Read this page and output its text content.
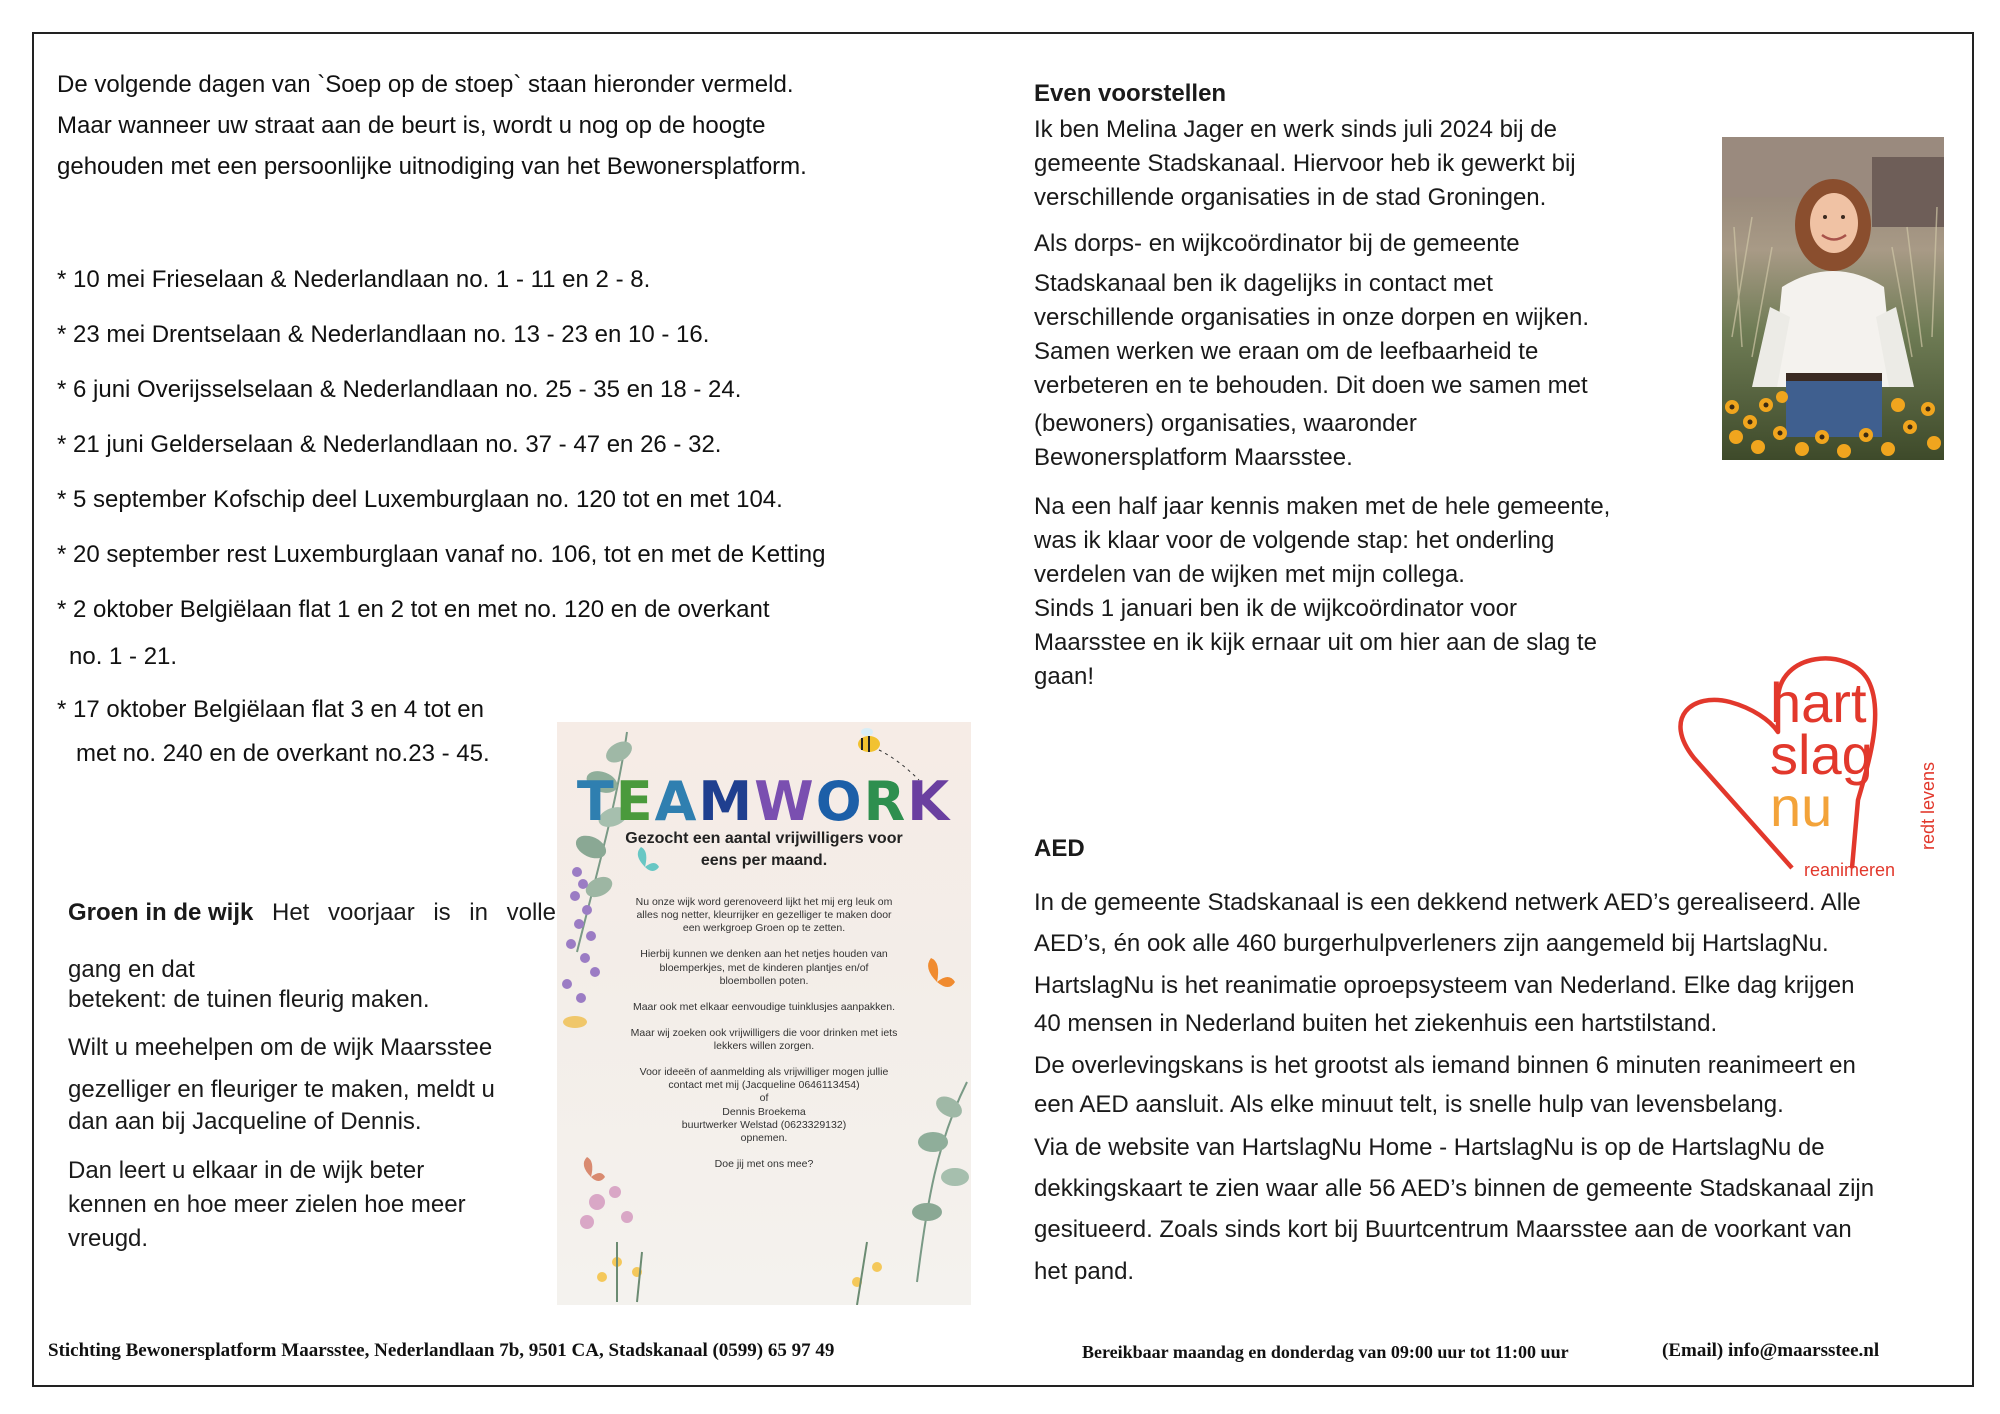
De volgende dagen van `Soep op de stoep` staan hieronder vermeld.
Maar wanneer uw straat aan de beurt is, wordt u nog op de hoogte
gehouden met een persoonlijke uitnodiging van het Bewonersplatform.
* 10 mei Frieselaan & Nederlandlaan no. 1 - 11 en 2 - 8.
* 23 mei Drentselaan & Nederlandlaan no. 13 - 23 en 10 - 16.
* 6 juni Overijsselselaan & Nederlandlaan no. 25 - 35 en 18 - 24.
* 21 juni Gelderselaan & Nederlandlaan no. 37 - 47 en 26 - 32.
* 5 september Kofschip deel Luxemburglaan no. 120 tot en met 104.
* 20 september rest Luxemburglaan vanaf no. 106, tot en met de Ketting
* 2 oktober Belgiëlaan flat 1 en 2 tot en met no. 120 en de overkant
no. 1 - 21.
* 17 oktober Belgiëlaan flat 3 en 4 tot en
met no. 240 en de overkant no.23 - 45.

Groen in de wijk Het voorjaar is in volle

gang en dat

betekent: de tuinen fleurig maken.

Wilt u meehelpen om de wijk Maarsstee

gezelliger en fleuriger te maken, meldt u

dan aan bij Jacqueline of Dennis.

Dan leert u elkaar in de wijk beter

kennen en hoe meer zielen hoe meer

vreugd.

TEAMWORK
Gezocht een aantal vrijwilligers voor
eens per maand.
Nu onze wijk word gerenoveerd lijkt het mij erg leuk om
alles nog netter, kleurrijker en gezelliger te maken door
een werkgroep Groen op te zetten.
Hierbij kunnen we denken aan het netjes houden van
bloemperkjes, met de kinderen plantjes en/of
bloembollen poten.
Maar ook met elkaar eenvoudige tuinklusjes aanpakken.
Maar wij zoeken ook vrijwilligers die voor drinken met iets
lekkers willen zorgen.
Voor ideeën of aanmelding als vrijwilliger mogen jullie
contact met mij (Jacqueline 0646113454)
of
Dennis Broekema
buurtwerker Welstad (0623329132)
opnemen.
Doe jij met ons mee?

Even voorstellen

Ik ben Melina Jager en werk sinds juli 2024 bij de

gemeente Stadskanaal. Hiervoor heb ik gewerkt bij

verschillende organisaties in de stad Groningen.

Als dorps- en wijkcoördinator bij de gemeente

Stadskanaal ben ik dagelijks in contact met

verschillende organisaties in onze dorpen en wijken.

Samen werken we eraan om de leefbaarheid te

verbeteren en te behouden. Dit doen we samen met

(bewoners) organisaties, waaronder

Bewonersplatform Maarsstee.

Na een half jaar kennis maken met de hele gemeente,

was ik klaar voor de volgende stap: het onderling

verdelen van de wijken met mijn collega.

Sinds 1 januari ben ik de wijkcoördinator voor

Maarsstee en ik kijk ernaar uit om hier aan de slag te

gaan!	hart
slag
nu
reanimeren
redt levens

AED

In de gemeente Stadskanaal is een dekkend netwerk AED’s gerealiseerd. Alle

AED’s, én ook alle 460 burgerhulpverleners zijn aangemeld bij HartslagNu.

HartslagNu is het reanimatie oproepsysteem van Nederland. Elke dag krijgen

40 mensen in Nederland buiten het ziekenhuis een hartstilstand.

De overlevingskans is het grootst als iemand binnen 6 minuten reanimeert en

een AED aansluit. Als elke minuut telt, is snelle hulp van levensbelang.

Via de website van HartslagNu Home - HartslagNu is op de HartslagNu de

dekkingskaart te zien waar alle 56 AED’s binnen de gemeente Stadskanaal zijn

gesitueerd. Zoals sinds kort bij Buurtcentrum Maarsstee aan de voorkant van

het pand.

Stichting Bewonersplatform Maarsstee, Nederlandlaan 7b, 9501 CA, Stadskanaal (0599) 65 97 49	Bereikbaar maandag en donderdag van 09:00 uur tot 11:00 uur	(Email) info@maarsstee.nl
